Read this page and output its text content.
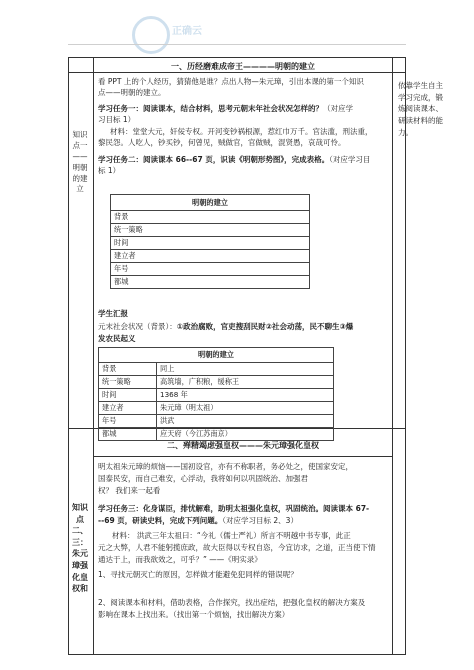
正确云
知识点一——明朝的建立
知识点二、三：朱元璋强化皇权和
依靠学生自主学习完成，锻炼阅读课本、研读材料的能力。
一、历经磨难成帝王————明朝的建立
看 PPT 上的个人经历，猜猜他是谁？点出人物—朱元璋，引出本课的第一个知识
点——明朝的建立。
学习任务一：阅读课本，结合材料，思考元朝末年社会状况怎样的？（对应学
习目标 1）
材料：堂堂大元，奸佞专权。开河变钞祸根源，惹红巾万千。官法滥，刑法重，
黎民怨。人吃人，钞买钞，何曾见，贼做官，官做贼，混贤愚，哀哉可怜。
学习任务二：阅读课本 66--67 页，识读《明朝形势图》，完成表格。（对应学习目
标 1）
明朝的建立
背景
统一策略
时间
建立者
年号
都城
学生汇报
元末社会状况（背景）：①政治腐败，官吏搜刮民财②社会动荡，民不聊生③爆
发农民起义
明朝的建立	
背景	同上
统一策略	高筑墙，广积粮，缓称王
时间	1368 年
建立者	朱元璋（明太祖）
年号	洪武
都城	应天府（今江苏南京）
二、殚精竭虑强皇权———朱元璋强化皇权
明太祖朱元璋的烦恼——国初设官，亦有不称职者，务必处之，使国家安定，
国泰民安，而自己难安，心浮动，我将如何以巩固统治、加强君
权？ 我们来一起看
学习任务三：化身谋臣，排忧解难，助明太祖强化皇权，巩固统治。阅读课本 67-
--69 页，研读史料，完成下列问题。（对应学习目标 2、3）
材料： 洪武三年太祖曰：“今礼（儒士严礼）所言不明越中书专事，此正
元之大弊，人君不能躬揽庶政，故大臣得以专权自恣，今宜访求，之道，正当使下情
通达于上，而我欲效之，可乎？” ——《明实录》
1、寻找元朝灭亡的原因，怎样做才能避免犯同样的错误呢？
2、阅读课本和材料，借助表格，合作探究，找出症结，把强化皇权的解决方案及
影响在课本上找出来。（找出第一个烦恼，找出解决方案）
